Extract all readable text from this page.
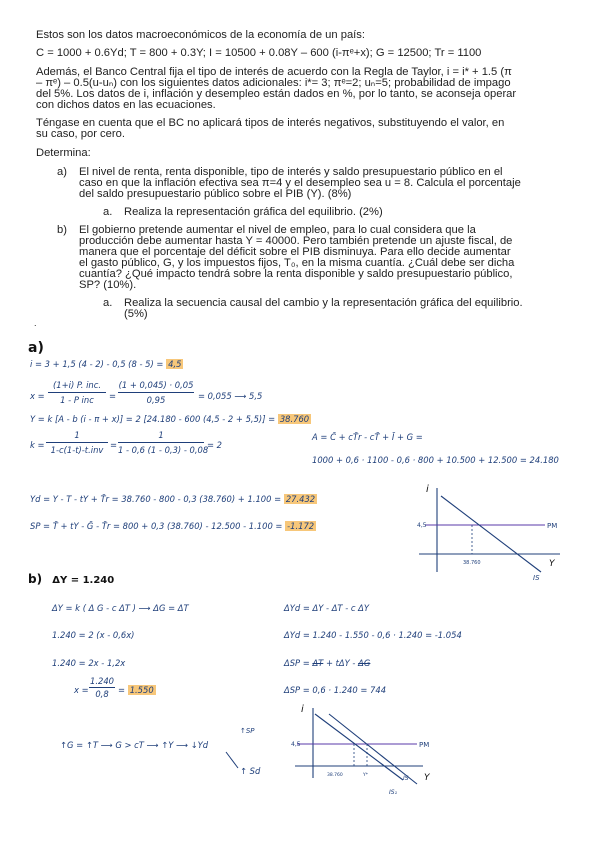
Estos son los datos macroeconómicos de la economía de un país:
C = 1000 + 0.6Yd; T = 800 + 0.3Y; I = 10500 + 0.08Y – 600 (i-πᵉ+x); G = 12500; Tr = 1100
Además, el Banco Central fija el tipo de interés de acuerdo con la Regla de Taylor, i = i* + 1.5 (π
– πᵉ) – 0.5(u-uₙ) con los siguientes datos adicionales: i*= 3; πᵉ=2; uₙ=5; probabilidad de impago
del 5%. Los datos de i, inflación y desempleo están dados en %, por lo tanto, se aconseja operar
con dichos datos en las ecuaciones.
Téngase en cuenta que el BC no aplicará tipos de interés negativos, substituyendo el valor, en
su caso, por cero.
Determina:
a) El nivel de renta, renta disponible, tipo de interés y saldo presupuestario público en el
caso en que la inflación efectiva sea π=4 y el desempleo sea u = 8. Calcula el porcentaje
del saldo presupuestario público sobre el PIB (Y). (8%)
a. Realiza la representación gráfica del equilibrio. (2%)
b) El gobierno pretende aumentar el nivel de empleo, para lo cual considera que la
producción debe aumentar hasta Y = 40000. Pero también pretende un ajuste fiscal, de
manera que el porcentaje del déficit sobre el PIB disminuya. Para ello decide aumentar
el gasto público, G, y los impuestos fijos, T₀, en la misma cuantía. ¿Cuál debe ser dicha
cuantía? ¿Qué impacto tendrá sobre la renta disponible y saldo presupuestario público,
SP? (10%).
a. Realiza la secuencia causal del cambio y la representación gráfica del equilibrio.
(5%)
.
a)
i = 3 + 1,5 (4 - 2) - 0,5 (8 - 5) = 4,5
x =
(1+i) P. inc.
1 - P inc	= $\frac{(1 + 0,045) \cdot 0,05}{0,95} = 0,055$ ⟶ 5,5
Y = k [A - b (i - π + x)] = 2 [24.180 - 600 (4,5 - 2 + 5,5)] = 38.760
k =
1
$1-c(1-t)-t.inv = \frac{1}{1 - 0,6 (1 - 0,3) - 0,08} = 2$
A = C̄ + cT̄r - cT̄ + Ī + G =
1000 + 0,6 · 1100 - 0,6 · 800 + 10.500 + 12.500 = 24.180
Yd = Y - T - tY + T̄r = 38.760 - 800 - 0,3 (38.760) + 1.100 = 27.432
SP = T̄ + tY - Ḡ - T̄r = 800 + 0,3 (38.760) - 12.500 - 1.100 = -1.172
i
4,5	PM
38.760	Y
IS
b) ΔY = 1.240
ΔY = k ( Δ G - c ΔT ) ⟶ ΔG = ΔT
1.240 = 2 (x - 0,6x)
1.240 = 2x - 1,2x
$x = \frac{1.240}{0,8} = 1.550$
ΔYd = ΔY - ΔT - c ΔY
ΔYd = 1.240 - 1.550 - 0,6 · 1.240 = -1.054
ΔSP = ΔT + tΔY - ΔG
ΔSP = 0,6 · 1.240 = 744
↑G = ↑T ⟶ G > cT ⟶ ↑Y ⟶ ↓Yd
↑SP
↑ Sd
i
4,5	PM
38.760	Y*	Y
IS
IS₁
